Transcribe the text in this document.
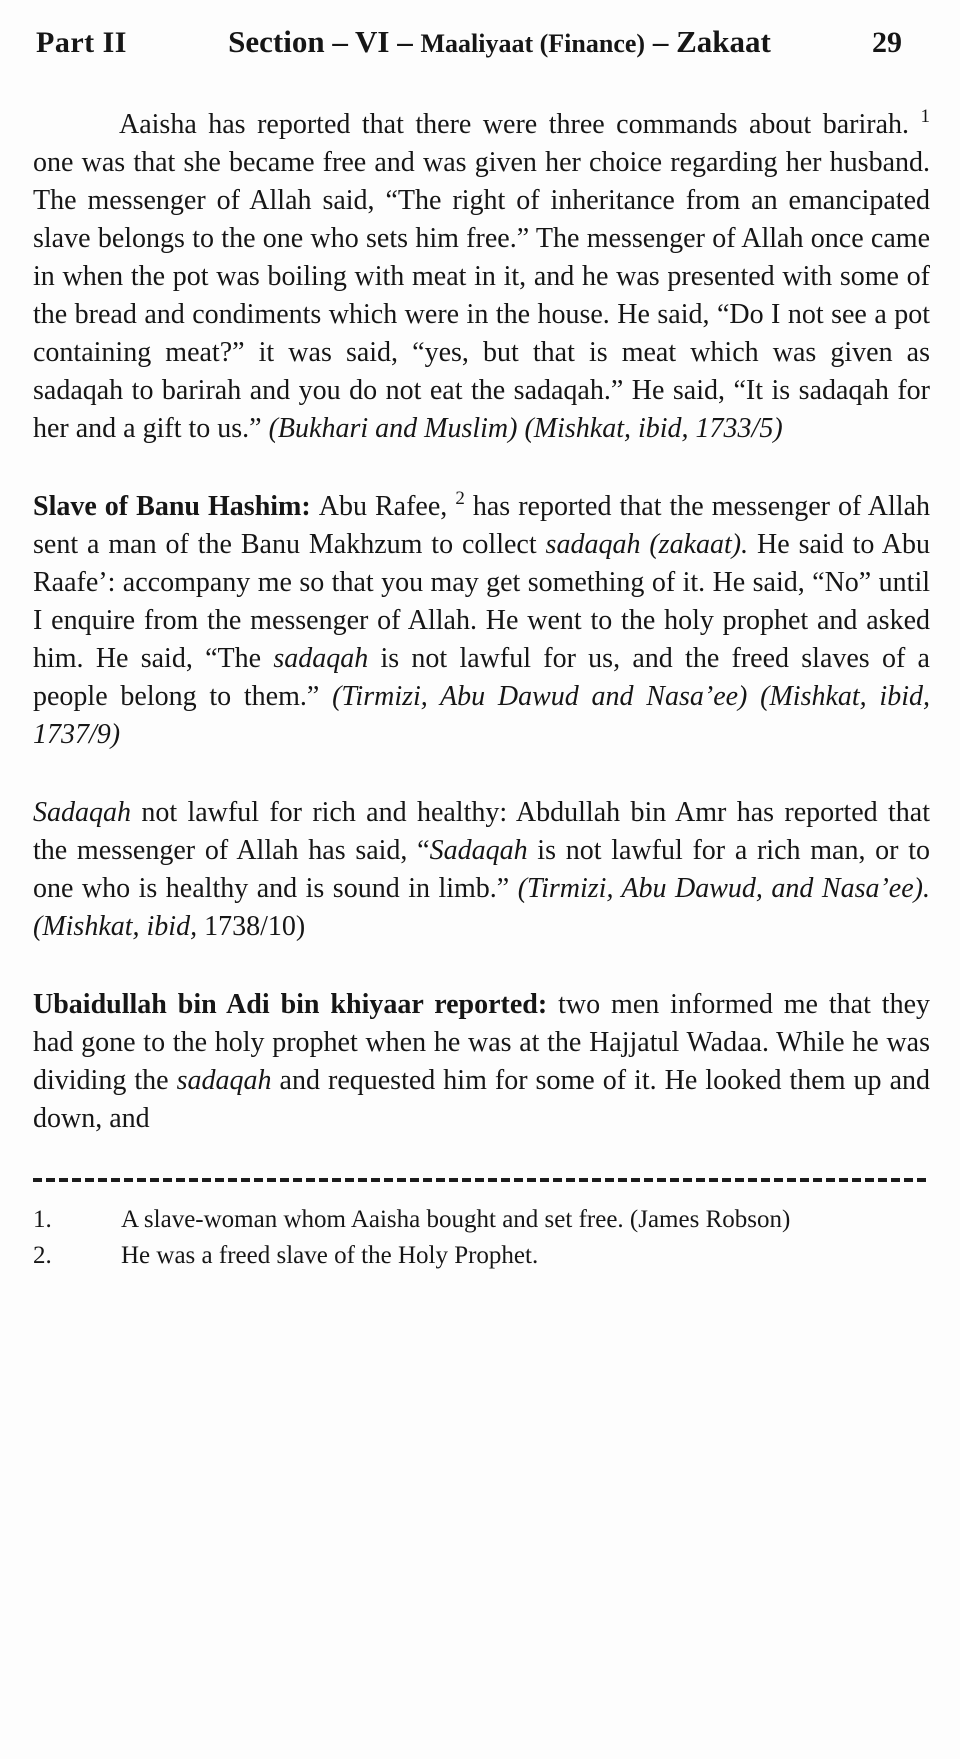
Part II	Section – VI – Maaliyaat (Finance) – Zakaat	29

Aaisha has reported that there were three commands about barirah. $^1$ one was that she became free and was given her choice regarding her husband. The messenger of Allah said, “The right of inheritance from an emancipated slave belongs to the one who sets him free.” The messenger of Allah once came in when the pot was boiling with meat in it, and he was presented with some of the bread and condiments which were in the house. He said, “Do I not see a pot containing meat?” it was said, “yes, but that is meat which was given as sadaqah to barirah and you do not eat the sadaqah.” He said, “It is sadaqah for her and a gift to us.” (Bukhari and Muslim) (Mishkat, ibid, 1733/5)

Slave of Banu Hashim: Abu Rafee, $^2$ has reported that the messenger of Allah sent a man of the Banu Makhzum to collect sadaqah (zakaat). He said to Abu Raafe’: accompany me so that you may get something of it. He said, “No” until I enquire from the messenger of Allah. He went to the holy prophet and asked him. He said, “The sadaqah is not lawful for us, and the freed slaves of a people belong to them.” (Tirmizi, Abu Dawud and Nasa’ee) (Mishkat, ibid, 1737/9)

Sadaqah not lawful for rich and healthy: Abdullah bin Amr has reported that the messenger of Allah has said, “Sadaqah is not lawful for a rich man, or to one who is healthy and is sound in limb.” (Tirmizi, Abu Dawud, and Nasa’ee). (Mishkat, ibid, 1738/10)

Ubaidullah bin Adi bin khiyaar reported: two men informed me that they had gone to the holy prophet when he was at the Hajjatul Wadaa. While he was dividing the sadaqah and requested him for some of it. He looked them up and down, and

1.	A slave-woman whom Aaisha bought and set free. (James Robson)
2.	He was a freed slave of the Holy Prophet.
